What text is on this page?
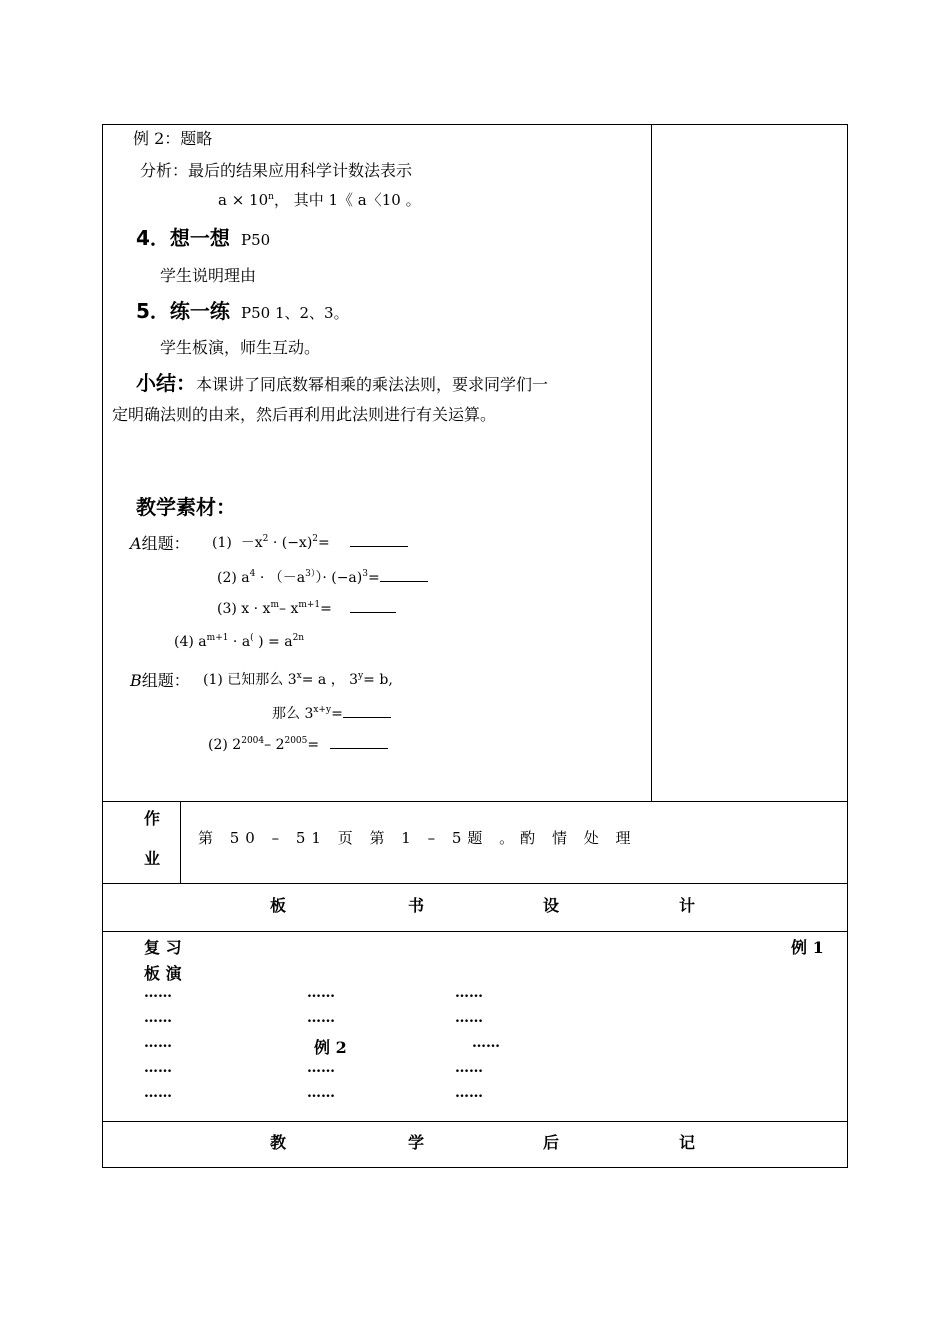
例 2：题略
分析：最后的结果应用科学计数法表示
$a \times 10^n$， 其中 1《 a〈10 。
4．想一想 P50
学生说明理由
5．练一练 P50 1、2、3。
学生板演，师生互动。
小结：本课讲了同底数幂相乘的乘法法则，要求同学们一
定明确法则的由来，然后再利用此法则进行有关运算。
教学素材：
A组题： $(1) -x^2 \cdot (-x)^2=$
(2) $a^4 \cdot (-a^{3)})\cdot (-a)^3=$
(3) $x \cdot x^m-$ $x^{m+1}=$
(4) $a^{m+1} \cdot a^($ ) = $a^{2n}$
B组题： (1) 已知那么 $3^x= a$ ， $3^y= b$,
那么 $3^{x+y}=$
(2) $2^{2004}-$ $2^{2005}=$
作
业
第 50 – 51 页 第 1 – 5题 。酌 情 处 理
板	书	设	计
复 习	例 1
板 演
……	……	……
……	……	……
……	例 2	……
……	……	……
……	……	……
教	学	后	记
